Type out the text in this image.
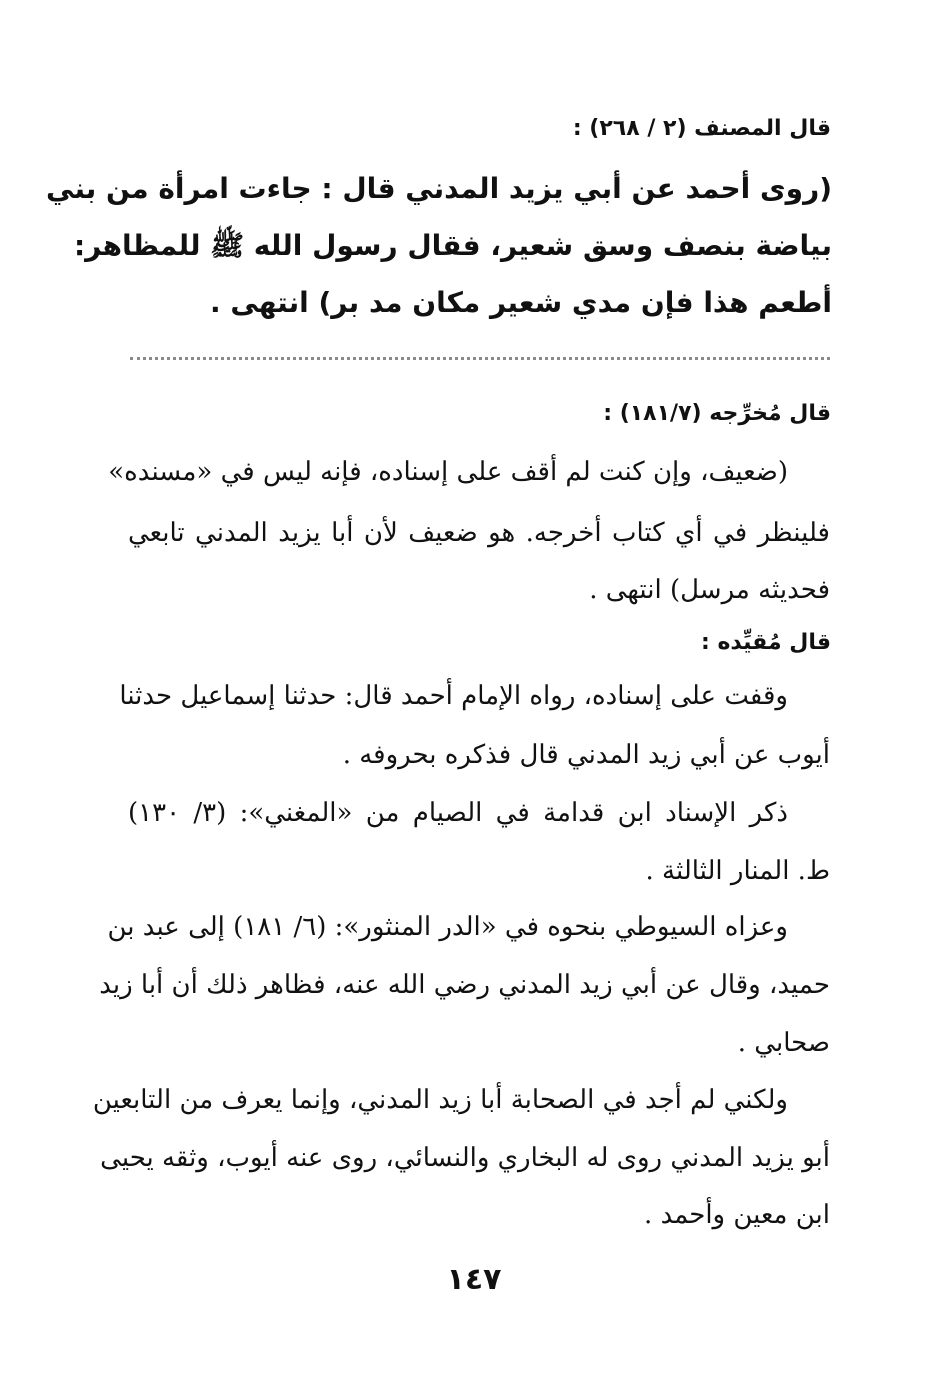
قال المصنف (٢ / ٢٦٨) :

(روى أحمد عن أبي يزيد المدني قال : جاءت امرأة من بني

بياضة بنصف وسق شعير، فقال رسول الله ﷺ للمظاهر:

أطعم هذا فإن مدي شعير مكان مد بر) انتهى .

قال مُخرِّجه (١٨١/٧) :

(ضعيف، وإن كنت لم أقف على إسناده، فإنه ليس في «مسنده»

فلينظر في أي كتاب أخرجه. هو ضعيف لأن أبا يزيد المدني تابعي

فحديثه مرسل) انتهى .

قال مُقيِّده :

وقفت على إسناده، رواه الإمام أحمد قال: حدثنا إسماعيل حدثنا

أيوب عن أبي زيد المدني قال فذكره بحروفه .

ذكر الإسناد ابن قدامة في الصيام من «المغني»: (٣/ ١٣٠)

ط. المنار الثالثة .

وعزاه السيوطي بنحوه في «الدر المنثور»: (٦/ ١٨١) إلى عبد بن

حميد، وقال عن أبي زيد المدني رضي الله عنه، فظاهر ذلك أن أبا زيد

صحابي .

ولكني لم أجد في الصحابة أبا زيد المدني، وإنما يعرف من التابعين

أبو يزيد المدني روى له البخاري والنسائي، روى عنه أيوب، وثقه يحيى

ابن معين وأحمد .

١٤٧
